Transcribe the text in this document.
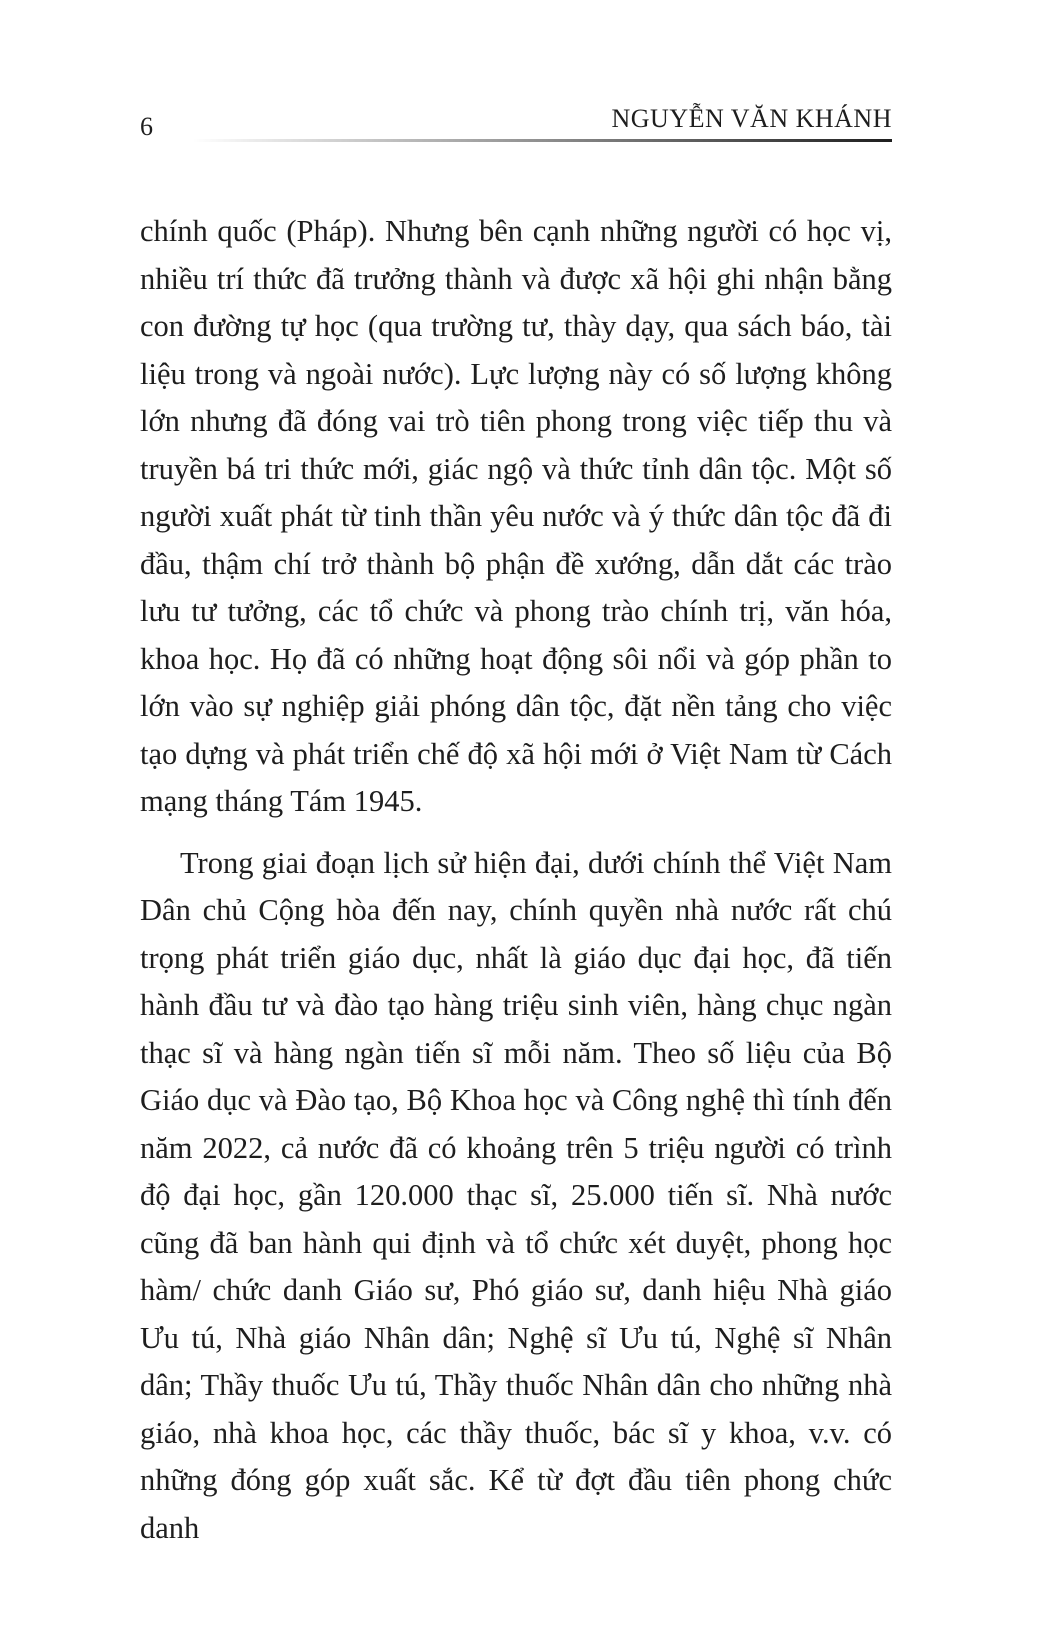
6	NGUYỄN VĂN KHÁNH

chính quốc (Pháp). Nhưng bên cạnh những người có học vị, nhiều trí thức đã trưởng thành và được xã hội ghi nhận bằng con đường tự học (qua trường tư, thày dạy, qua sách báo, tài liệu trong và ngoài nước). Lực lượng này có số lượng không lớn nhưng đã đóng vai trò tiên phong trong việc tiếp thu và truyền bá tri thức mới, giác ngộ và thức tỉnh dân tộc. Một số người xuất phát từ tinh thần yêu nước và ý thức dân tộc đã đi đầu, thậm chí trở thành bộ phận đề xướng, dẫn dắt các trào lưu tư tưởng, các tổ chức và phong trào chính trị, văn hóa, khoa học. Họ đã có những hoạt động sôi nổi và góp phần to lớn vào sự nghiệp giải phóng dân tộc, đặt nền tảng cho việc tạo dựng và phát triển chế độ xã hội mới ở Việt Nam từ Cách mạng tháng Tám 1945.

Trong giai đoạn lịch sử hiện đại, dưới chính thể Việt Nam Dân chủ Cộng hòa đến nay, chính quyền nhà nước rất chú trọng phát triển giáo dục, nhất là giáo dục đại học, đã tiến hành đầu tư và đào tạo hàng triệu sinh viên, hàng chục ngàn thạc sĩ và hàng ngàn tiến sĩ mỗi năm. Theo số liệu của Bộ Giáo dục và Đào tạo, Bộ Khoa học và Công nghệ thì tính đến năm 2022, cả nước đã có khoảng trên 5 triệu người có trình độ đại học, gần 120.000 thạc sĩ, 25.000 tiến sĩ. Nhà nước cũng đã ban hành qui định và tổ chức xét duyệt, phong học hàm/ chức danh Giáo sư, Phó giáo sư, danh hiệu Nhà giáo Ưu tú, Nhà giáo Nhân dân; Nghệ sĩ Ưu tú, Nghệ sĩ Nhân dân; Thầy thuốc Ưu tú, Thầy thuốc Nhân dân cho những nhà giáo, nhà khoa học, các thầy thuốc, bác sĩ y khoa, v.v. có những đóng góp xuất sắc. Kể từ đợt đầu tiên phong chức danh
